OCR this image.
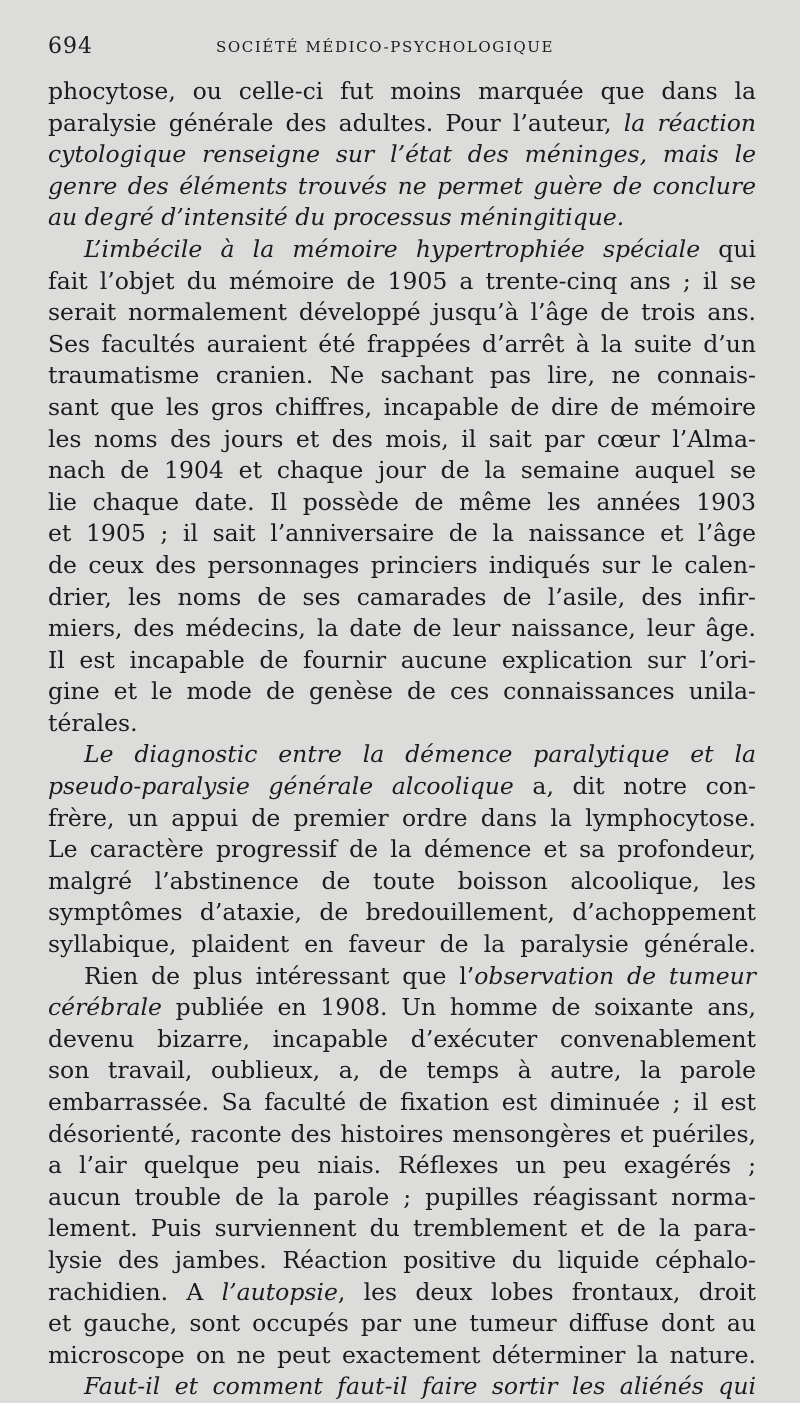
694	SOCIÉTÉ MÉDICO-PSYCHOLOGIQUE
phocytose, ou celle-ci fut moins marquée que dans la
paralysie générale des adultes. Pour l’auteur, la réaction
cytologique renseigne sur l’état des méninges, mais le
genre des éléments trouvés ne permet guère de conclure
au degré d’intensité du processus méningitique.
L’imbécile à la mémoire hypertrophiée spéciale qui
fait l’objet du mémoire de 1905 a trente-cinq ans ; il se
serait normalement développé jusqu’à l’âge de trois ans.
Ses facultés auraient été frappées d’arrêt à la suite d’un
traumatisme cranien. Ne sachant pas lire, ne connais-
sant que les gros chiffres, incapable de dire de mémoire
les noms des jours et des mois, il sait par cœur l’Alma-
nach de 1904 et chaque jour de la semaine auquel se
lie chaque date. Il possède de même les années 1903
et 1905 ; il sait l’anniversaire de la naissance et l’âge
de ceux des personnages princiers indiqués sur le calen-
drier, les noms de ses camarades de l’asile, des infir-
miers, des médecins, la date de leur naissance, leur âge.
Il est incapable de fournir aucune explication sur l’ori-
gine et le mode de genèse de ces connaissances unila-
térales.
Le diagnostic entre la démence paralytique et la
pseudo-paralysie générale alcoolique a, dit notre con-
frère, un appui de premier ordre dans la lymphocytose.
Le caractère progressif de la démence et sa profondeur,
malgré l’abstinence de toute boisson alcoolique, les
symptômes d’ataxie, de bredouillement, d’achoppement
syllabique, plaident en faveur de la paralysie générale.
Rien de plus intéressant que l’observation de tumeur
cérébrale publiée en 1908. Un homme de soixante ans,
devenu bizarre, incapable d’exécuter convenablement
son travail, oublieux, a, de temps à autre, la parole
embarrassée. Sa faculté de fixation est diminuée ; il est
désorienté, raconte des histoires mensongères et puériles,
a l’air quelque peu niais. Réflexes un peu exagérés ;
aucun trouble de la parole ; pupilles réagissant norma-
lement. Puis surviennent du tremblement et de la para-
lysie des jambes. Réaction positive du liquide céphalo-
rachidien. A l’autopsie, les deux lobes frontaux, droit
et gauche, sont occupés par une tumeur diffuse dont au
microscope on ne peut exactement déterminer la nature.
Faut-il et comment faut-il faire sortir les aliénés qui
